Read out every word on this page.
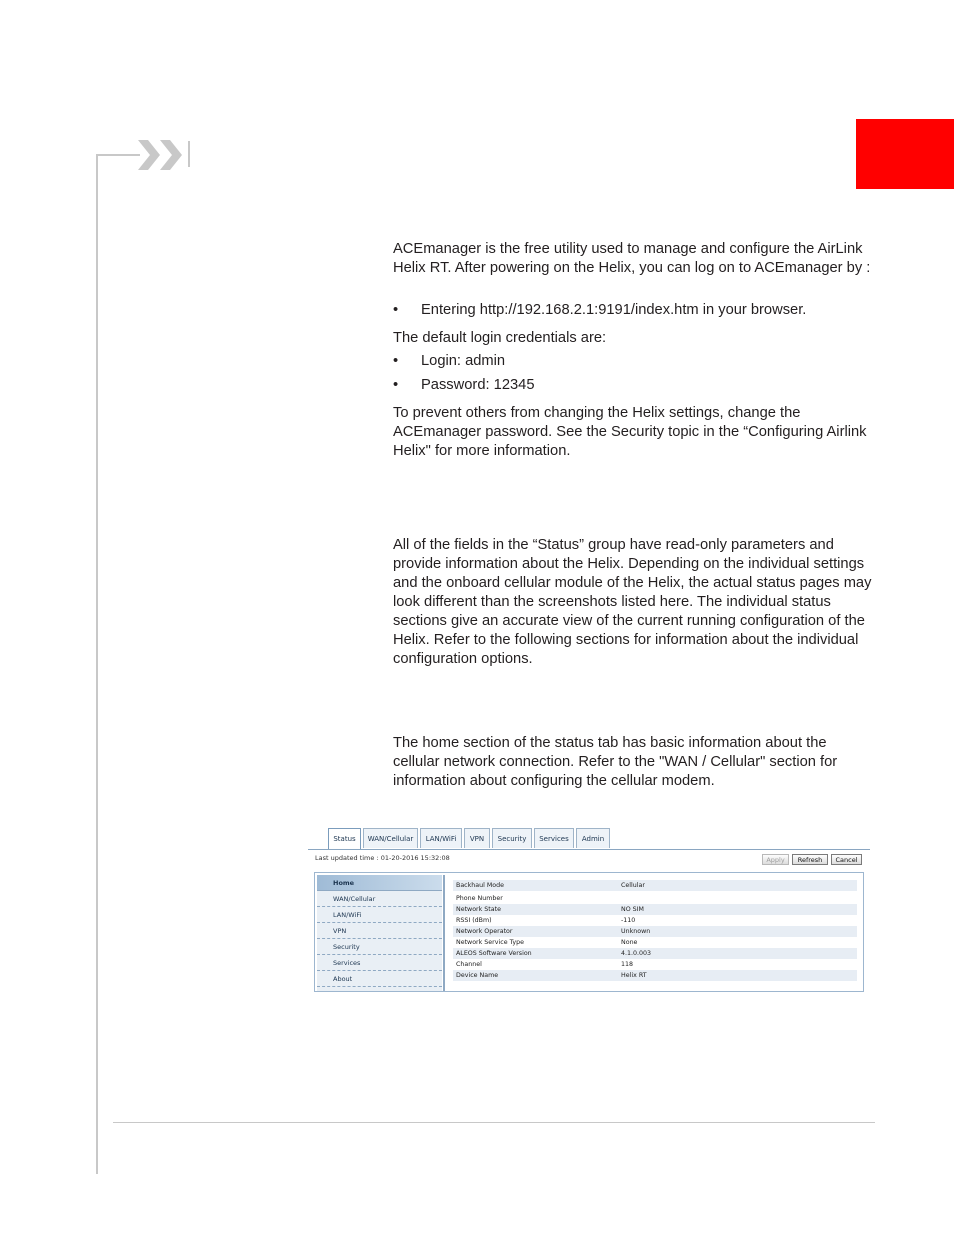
ACEmanager is the free utility used to manage and configure the AirLink Helix RT. After powering on the Helix, you can log on to ACEmanager by :

• Entering http://192.168.2.1:9191/index.htm in your browser.

The default login credentials are:

• Login: admin
• Password: 12345

To prevent others from changing the Helix settings, change the ACEmanager password. See the Security topic in the “Configuring Airlink Helix" for more information.

All of the fields in the “Status” group have read-only parameters and provide information about the Helix. Depending on the individual settings and the onboard cellular module of the Helix, the actual status pages may look different than the screenshots listed here. The individual status sections give an accurate view of the current running configuration of the Helix. Refer to the following sections for information about the individual configuration options.

The home section of the status tab has basic information about the cellular network connection. Refer to the "WAN / Cellular" section for information about configuring the cellular modem.

Status	WAN/Cellular	LAN/WiFi	VPN	Security	Services	Admin
Last updated time : 01-20-2016 15:32:08	Apply	Refresh	Cancel
Home
WAN/Cellular
LAN/WiFi
VPN
Security
Services
About
Backhaul Mode	Cellular
Phone Number
Network State	NO SIM
RSSI (dBm)	-110
Network Operator	Unknown
Network Service Type	None
ALEOS Software Version	4.1.0.003
Channel	118
Device Name	Helix RT
